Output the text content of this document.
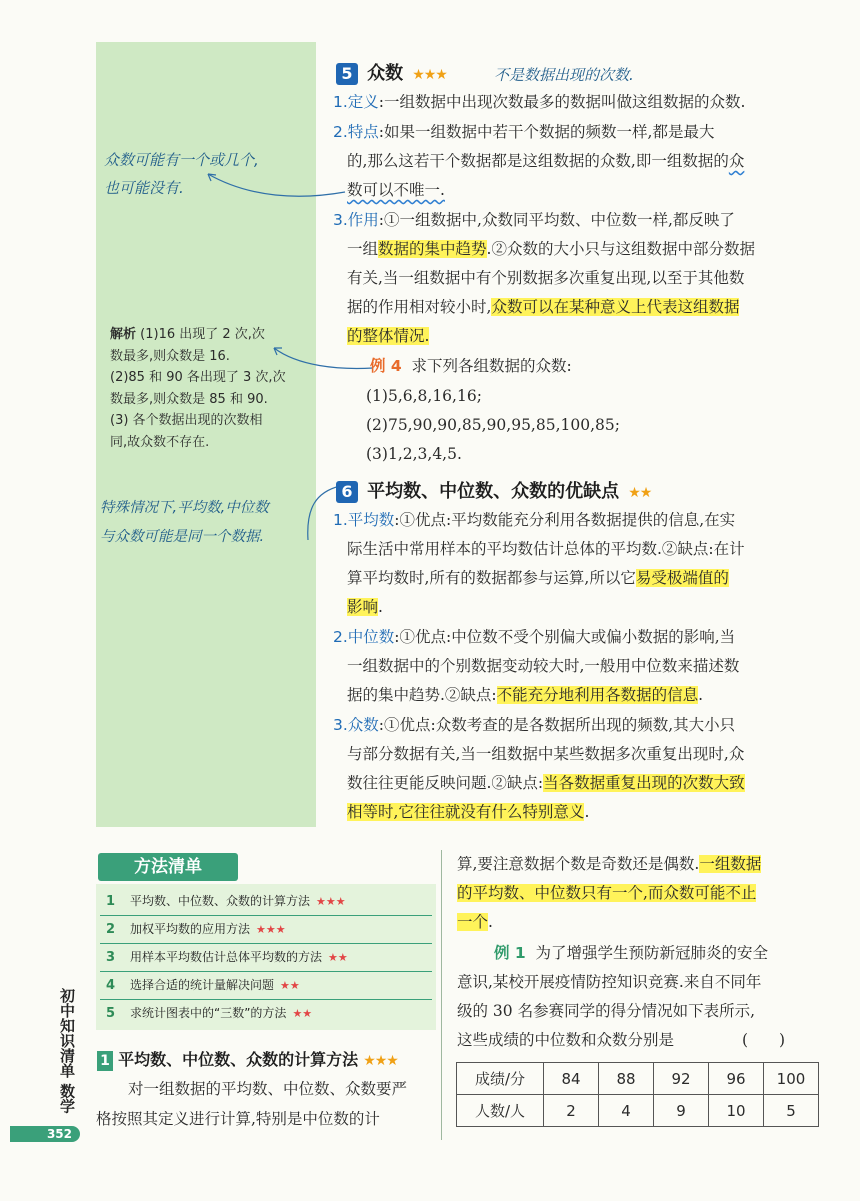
众数可能有一个或几个,
也可能没有.
解析 (1)16 出现了 2 次,次
数最多,则众数是 16.
(2)85 和 90 各出现了 3 次,次
数最多,则众数是 85 和 90.
(3) 各个数据出现的次数相
同,故众数不存在.
特殊情况下,平均数,中位数
与众数可能是同一个数据.
5 众数 ★★★	不是数据出现的次数.
1.定义:一组数据中出现次数最多的数据叫做这组数据的众数.
2.特点:如果一组数据中若干个数据的频数一样,都是最大
的,那么这若干个数据都是这组数据的众数,即一组数据的众
数可以不唯一.
3.作用:①一组数据中,众数同平均数、中位数一样,都反映了
一组数据的集中趋势.②众数的大小只与这组数据中部分数据
有关,当一组数据中有个别数据多次重复出现,以至于其他数
据的作用相对较小时,众数可以在某种意义上代表这组数据
的整体情况.
例 4 求下列各组数据的众数:
(1)5,6,8,16,16;
(2)75,90,90,85,90,95,85,100,85;
(3)1,2,3,4,5.
6 平均数、中位数、众数的优缺点 ★★
1.平均数:①优点:平均数能充分利用各数据提供的信息,在实
际生活中常用样本的平均数估计总体的平均数.②缺点:在计
算平均数时,所有的数据都参与运算,所以它易受极端值的
影响.
2.中位数:①优点:中位数不受个别偏大或偏小数据的影响,当
一组数据中的个别数据变动较大时,一般用中位数来描述数
据的集中趋势.②缺点:不能充分地利用各数据的信息.
3.众数:①优点:众数考查的是各数据所出现的频数,其大小只
与部分数据有关,当一组数据中某些数据多次重复出现时,众
数往往更能反映问题.②缺点:当各数据重复出现的次数大致
相等时,它往往就没有什么特别意义.
方法清单
1 平均数、中位数、众数的计算方法 ★★★
2 加权平均数的应用方法 ★★★
3 用样本平均数估计总体平均数的方法 ★★
4 选择合适的统计量解决问题 ★★
5 求统计图表中的“三数”的方法 ★★
1 平均数、中位数、众数的计算方法 ★★★
对一组数据的平均数、中位数、众数要严
格按照其定义进行计算,特别是中位数的计
算,要注意数据个数是奇数还是偶数.一组数据
的平均数、中位数只有一个,而众数可能不止
一个.
例 1 为了增强学生预防新冠肺炎的安全
意识,某校开展疫情防控知识竞赛.来自不同年
级的 30 名参赛同学的得分情况如下表所示,
这些成绩的中位数和众数分别是	(　　)
成绩/分	84	88	92	96	100
人数/人	2	4	9	10	5
初中知识清单 数学
352
